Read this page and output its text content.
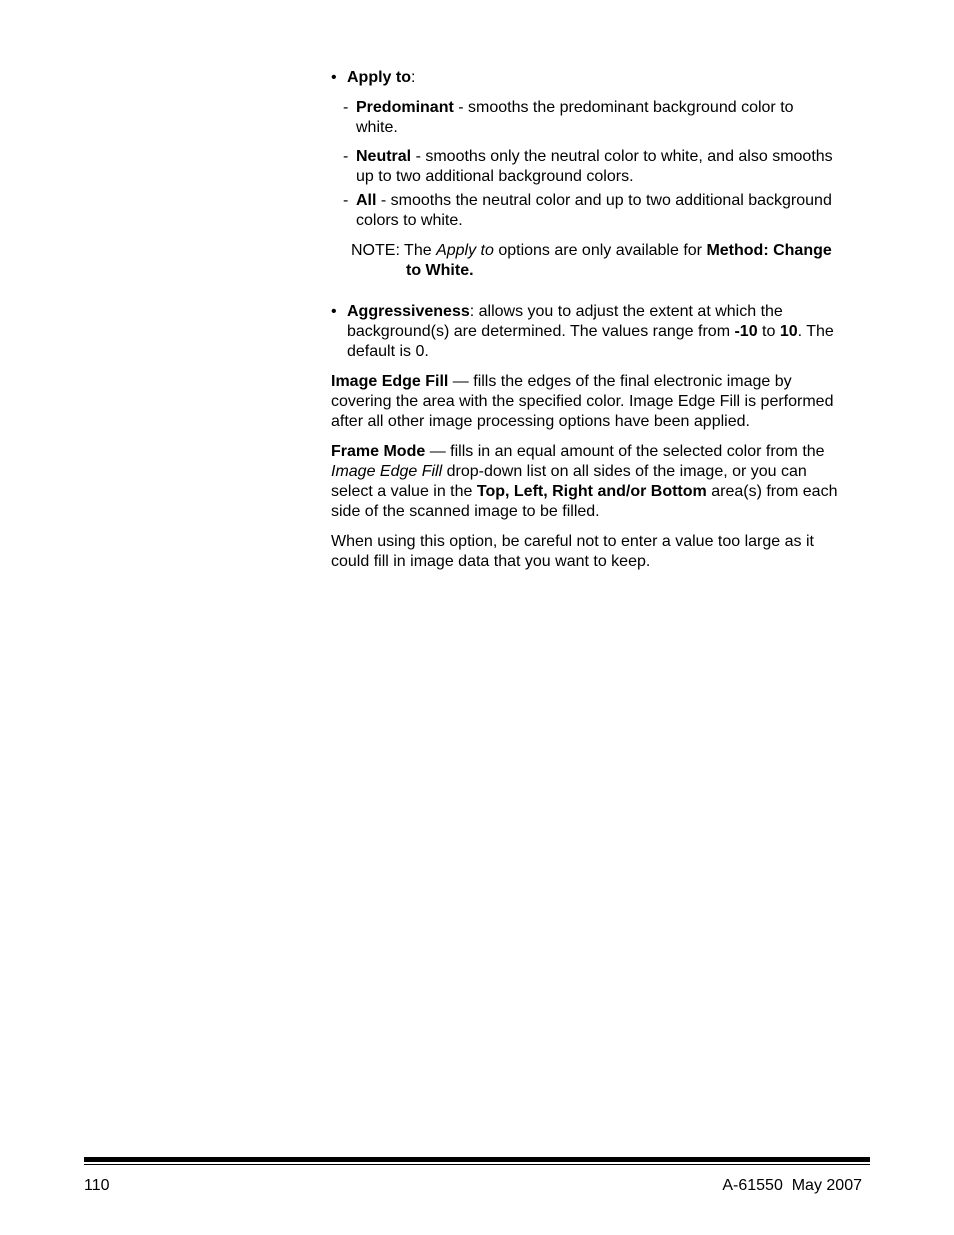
• Apply to:
- Predominant - smooths the predominant background color to
white.
- Neutral - smooths only the neutral color to white, and also smooths
up to two additional background colors.
- All - smooths the neutral color and up to two additional background
colors to white.
NOTE: The Apply to options are only available for Method: Change
to White.
• Aggressiveness: allows you to adjust the extent at which the
background(s) are determined. The values range from -10 to 10. The
default is 0.
Image Edge Fill — fills the edges of the final electronic image by
covering the area with the specified color. Image Edge Fill is performed
after all other image processing options have been applied.
Frame Mode — fills in an equal amount of the selected color from the
Image Edge Fill drop-down list on all sides of the image, or you can
select a value in the Top, Left, Right and/or Bottom area(s) from each
side of the scanned image to be filled.
When using this option, be careful not to enter a value too large as it
could fill in image data that you want to keep.
110	A-61550  May 2007
